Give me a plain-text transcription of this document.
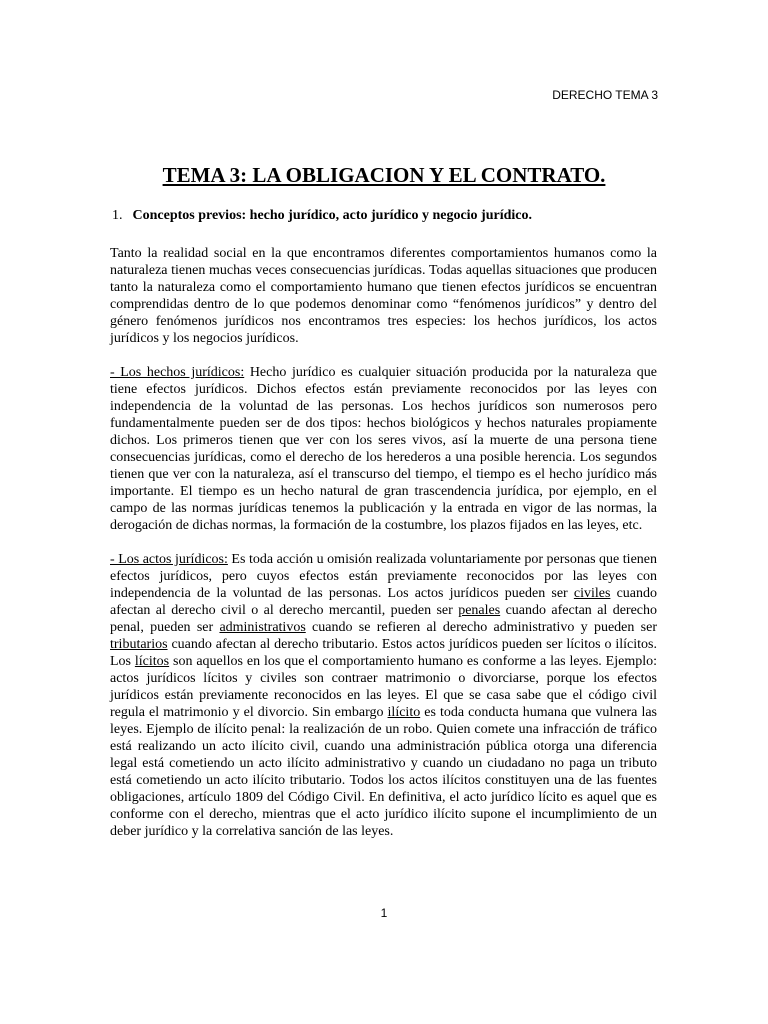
DERECHO TEMA 3
TEMA 3: LA OBLIGACION Y EL CONTRATO.
1. Conceptos previos: hecho jurídico, acto jurídico y negocio jurídico.

Tanto la realidad social en la que encontramos diferentes comportamientos humanos como la naturaleza tienen muchas veces consecuencias jurídicas. Todas aquellas situaciones que producen tanto la naturaleza como el comportamiento humano que tienen efectos jurídicos se encuentran comprendidas dentro de lo que podemos denominar como “fenómenos jurídicos” y dentro del género fenómenos jurídicos nos encontramos tres especies: los hechos jurídicos, los actos jurídicos y los negocios jurídicos.

- Los hechos jurídicos: Hecho jurídico es cualquier situación producida por la naturaleza que tiene efectos jurídicos. Dichos efectos están previamente reconocidos por las leyes con independencia de la voluntad de las personas. Los hechos jurídicos son numerosos pero fundamentalmente pueden ser de dos tipos: hechos biológicos y hechos naturales propiamente dichos. Los primeros tienen que ver con los seres vivos, así la muerte de una persona tiene consecuencias jurídicas, como el derecho de los herederos a una posible herencia. Los segundos tienen que ver con la naturaleza, así el transcurso del tiempo, el tiempo es el hecho jurídico más importante. El tiempo es un hecho natural de gran trascendencia jurídica, por ejemplo, en el campo de las normas jurídicas tenemos la publicación y la entrada en vigor de las normas, la derogación de dichas normas, la formación de la costumbre, los plazos fijados en las leyes, etc.

- Los actos jurídicos: Es toda acción u omisión realizada voluntariamente por personas que tienen efectos jurídicos, pero cuyos efectos están previamente reconocidos por las leyes con independencia de la voluntad de las personas. Los actos jurídicos pueden ser civiles cuando afectan al derecho civil o al derecho mercantil, pueden ser penales cuando afectan al derecho penal, pueden ser administrativos cuando se refieren al derecho administrativo y pueden ser tributarios cuando afectan al derecho tributario. Estos actos jurídicos pueden ser lícitos o ilícitos. Los lícitos son aquellos en los que el comportamiento humano es conforme a las leyes. Ejemplo: actos jurídicos lícitos y civiles son contraer matrimonio o divorciarse, porque los efectos jurídicos están previamente reconocidos en las leyes. El que se casa sabe que el código civil regula el matrimonio y el divorcio. Sin embargo ilícito es toda conducta humana que vulnera las leyes. Ejemplo de ilícito penal: la realización de un robo. Quien comete una infracción de tráfico está realizando un acto ilícito civil, cuando una administración pública otorga una diferencia legal está cometiendo un acto ilícito administrativo y cuando un ciudadano no paga un tributo está cometiendo un acto ilícito tributario. Todos los actos ilícitos constituyen una de las fuentes obligaciones, artículo 1809 del Código Civil. En definitiva, el acto jurídico lícito es aquel que es conforme con el derecho, mientras que el acto jurídico ilícito supone el incumplimiento de un deber jurídico y la correlativa sanción de las leyes.

1
